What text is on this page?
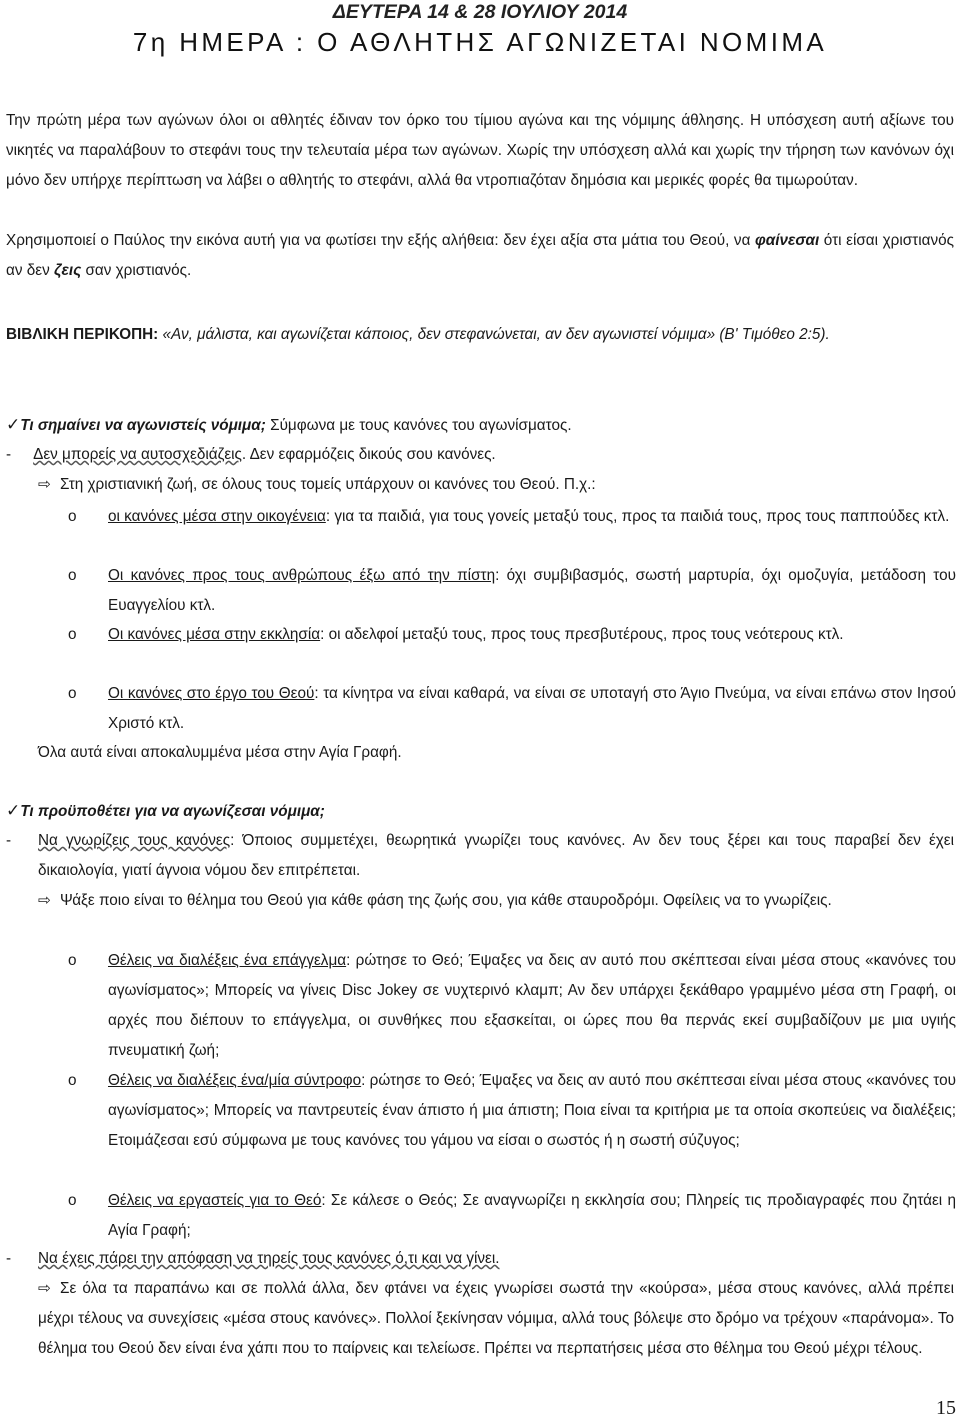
ΔΕΥΤΕΡΑ 14 & 28 ΙΟΥΛΙΟΥ 2014
7η ΗΜΕΡΑ : Ο ΑΘΛΗΤΗΣ ΑΓΩΝΙΖΕΤΑΙ ΝΟΜΙΜΑ
Την πρώτη μέρα των αγώνων όλοι οι αθλητές έδιναν τον όρκο του τίμιου αγώνα και της νόμιμης άθλησης. Η υπόσχεση αυτή αξίωνε του νικητές να παραλάβουν το στεφάνι τους την τελευταία μέρα των αγώνων. Χωρίς την υπόσχεση αλλά και χωρίς την τήρηση των κανόνων όχι μόνο δεν υπήρχε περίπτωση να λάβει ο αθλητής το στεφάνι, αλλά θα ντροπιαζόταν δημόσια και μερικές φορές θα τιμωρούταν.
Χρησιμοποιεί ο Παύλος την εικόνα αυτή για να φωτίσει την εξής αλήθεια: δεν έχει αξία στα μάτια του Θεού, να φαίνεσαι ότι είσαι χριστιανός αν δεν ζεις σαν χριστιανός.
ΒΙΒΛΙΚΗ ΠΕΡΙΚΟΠΗ: «Αν, μάλιστα, και αγωνίζεται κάποιος, δεν στεφανώνεται, αν δεν αγωνιστεί νόμιμα» (Β' Τιμόθεο 2:5).
✓Τι σημαίνει να αγωνιστείς νόμιμα; Σύμφωνα με τους κανόνες του αγωνίσματος.
- Δεν μπορείς να αυτοσχεδιάζεις. Δεν εφαρμόζεις δικούς σου κανόνες.
⇨ Στη χριστιανική ζωή, σε όλους τους τομείς υπάρχουν οι κανόνες του Θεού. Π.χ.:
o	οι κανόνες μέσα στην οικογένεια: για τα παιδιά, για τους γονείς μεταξύ τους, προς τα παιδιά τους, προς τους παππούδες κτλ.
o	Οι κανόνες προς τους ανθρώπους έξω από την πίστη: όχι συμβιβασμός, σωστή μαρτυρία, όχι ομοζυγία, μετάδοση του Ευαγγελίου κτλ.
o	Οι κανόνες μέσα στην εκκλησία: οι αδελφοί μεταξύ τους, προς τους πρεσβυτέρους, προς τους νεότερους κτλ.
o	Οι κανόνες στο έργο του Θεού: τα κίνητρα να είναι καθαρά, να είναι σε υποταγή στο Άγιο Πνεύμα, να είναι επάνω στον Ιησού Χριστό κτλ.
Όλα αυτά είναι αποκαλυμμένα μέσα στην Αγία Γραφή.
✓Τι προϋποθέτει για να αγωνίζεσαι νόμιμα;
- Να γνωρίζεις τους κανόνες: Όποιος συμμετέχει, θεωρητικά γνωρίζει τους κανόνες. Αν δεν τους ξέρει και τους παραβεί δεν έχει δικαιολογία, γιατί άγνοια νόμου δεν επιτρέπεται.
⇨ Ψάξε ποιο είναι το θέλημα του Θεού για κάθε φάση της ζωής σου, για κάθε σταυροδρόμι. Οφείλεις να το γνωρίζεις.
o	Θέλεις να διαλέξεις ένα επάγγελμα: ρώτησε το Θεό; Έψαξες να δεις αν αυτό που σκέπτεσαι είναι μέσα στους «κανόνες του αγωνίσματος»; Μπορείς να γίνεις Disc Jokey σε νυχτερινό κλαμπ; Αν δεν υπάρχει ξεκάθαρο γραμμένο μέσα στη Γραφή, οι αρχές που διέπουν το επάγγελμα, οι συνθήκες που εξασκείται, οι ώρες που θα περνάς εκεί συμβαδίζουν με μια υγιής πνευματική ζωή;
o	Θέλεις να διαλέξεις ένα/μία σύντροφο: ρώτησε το Θεό; Έψαξες να δεις αν αυτό που σκέπτεσαι είναι μέσα στους «κανόνες του αγωνίσματος»; Μπορείς να παντρευτείς έναν άπιστο ή μια άπιστη; Ποια είναι τα κριτήρια με τα οποία σκοπεύεις να διαλέξεις; Ετοιμάζεσαι εσύ σύμφωνα με τους κανόνες του γάμου να είσαι ο σωστός ή η σωστή σύζυγος;
o	Θέλεις να εργαστείς για το Θεό: Σε κάλεσε ο Θεός; Σε αναγνωρίζει η εκκλησία σου; Πληρείς τις προδιαγραφές που ζητάει η Αγία Γραφή;
- Να έχεις πάρει την απόφαση να τηρείς τους κανόνες ό,τι και να γίνει.
⇨ Σε όλα τα παραπάνω και σε πολλά άλλα, δεν φτάνει να έχεις γνωρίσει σωστά την «κούρσα», μέσα στους κανόνες, αλλά πρέπει μέχρι τέλους να συνεχίσεις «μέσα στους κανόνες». Πολλοί ξεκίνησαν νόμιμα, αλλά τους βόλεψε στο δρόμο να τρέχουν «παράνομα». Το θέλημα του Θεού δεν είναι ένα χάπι που το παίρνεις και τελείωσε. Πρέπει να περπατήσεις μέσα στο θέλημα του Θεού μέχρι τέλους.
15
